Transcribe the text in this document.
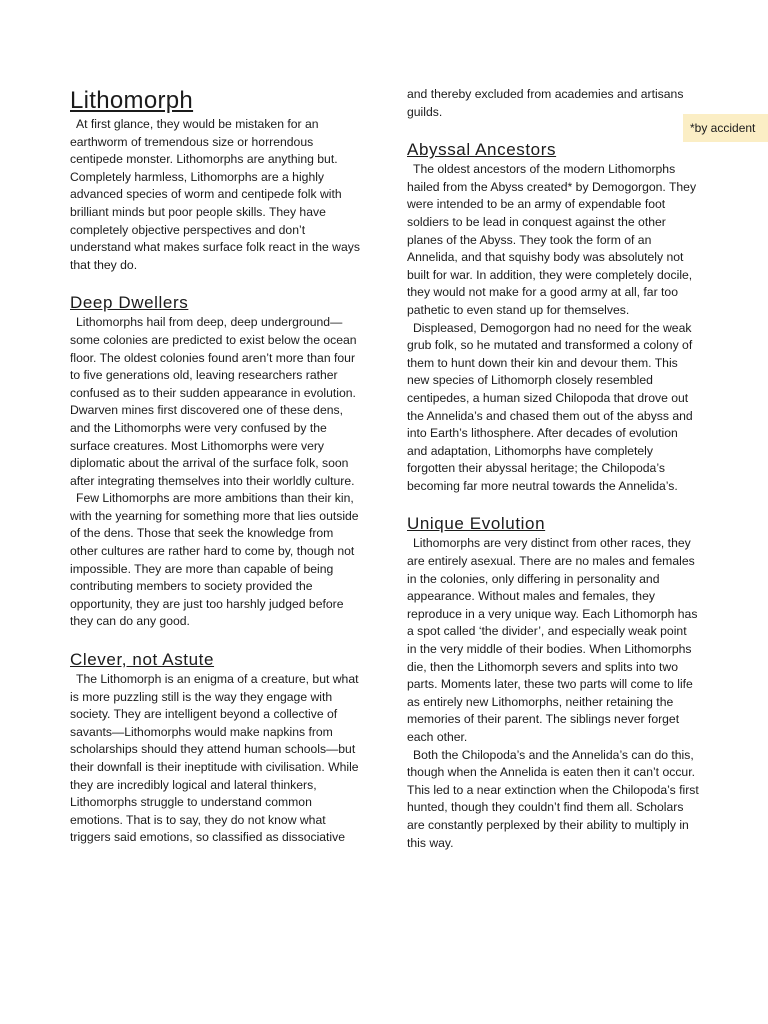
Lithomorph

At first glance, they would be mistaken for an earthworm of tremendous size or horrendous centipede monster. Lithomorphs are anything but. Completely harmless, Lithomorphs are a highly advanced species of worm and centipede folk with brilliant minds but poor people skills. They have completely objective perspectives and don’t understand what makes surface folk react in the ways that they do.

Deep Dwellers

Lithomorphs hail from deep, deep underground—some colonies are predicted to exist below the ocean floor. The oldest colonies found aren’t more than four to five generations old, leaving researchers rather confused as to their sudden appearance in evolution. Dwarven mines first discovered one of these dens, and the Lithomorphs were very confused by the surface creatures. Most Lithomorphs were very diplomatic about the arrival of the surface folk, soon after integrating themselves into their worldly culture.

Few Lithomorphs are more ambitions than their kin, with the yearning for something more that lies outside of the dens. Those that seek the knowledge from other cultures are rather hard to come by, though not impossible. They are more than capable of being contributing members to society provided the opportunity, they are just too harshly judged before they can do any good.

Clever, not Astute

The Lithomorph is an enigma of a creature, but what is more puzzling still is the way they engage with society. They are intelligent beyond a collective of savants—Lithomorphs would make napkins from scholarships should they attend human schools—but their downfall is their ineptitude with civilisation. While they are incredibly logical and lateral thinkers, Lithomorphs struggle to understand common emotions. That is to say, they do not know what triggers said emotions, so classified as dissociative

and thereby excluded from academies and artisans guilds.

Abyssal Ancestors

The oldest ancestors of the modern Lithomorphs hailed from the Abyss created* by Demogorgon. They were intended to be an army of expendable foot soldiers to be lead in conquest against the other planes of the Abyss. They took the form of an Annelida, and that squishy body was absolutely not built for war. In addition, they were completely docile, they would not make for a good army at all, far too pathetic to even stand up for themselves.

Displeased, Demogorgon had no need for the weak grub folk, so he mutated and transformed a colony of them to hunt down their kin and devour them. This new species of Lithomorph closely resembled centipedes, a human sized Chilopoda that drove out the Annelida’s and chased them out of the abyss and into Earth’s lithosphere. After decades of evolution and adaptation, Lithomorphs have completely forgotten their abyssal heritage; the Chilopoda’s becoming far more neutral towards the Annelida’s.

Unique Evolution

Lithomorphs are very distinct from other races, they are entirely asexual. There are no males and females in the colonies, only differing in personality and appearance. Without males and females, they reproduce in a very unique way. Each Lithomorph has a spot called ‘the divider’, and especially weak point in the very middle of their bodies. When Lithomorphs die, then the Lithomorph severs and splits into two parts. Moments later, these two parts will come to life as entirely new Lithomorphs, neither retaining the memories of their parent. The siblings never forget each other.

Both the Chilopoda’s and the Annelida’s can do this, though when the Annelida is eaten then it can’t occur. This led to a near extinction when the Chilopoda’s first hunted, though they couldn’t find them all. Scholars are constantly perplexed by their ability to multiply in this way.

*by accident
